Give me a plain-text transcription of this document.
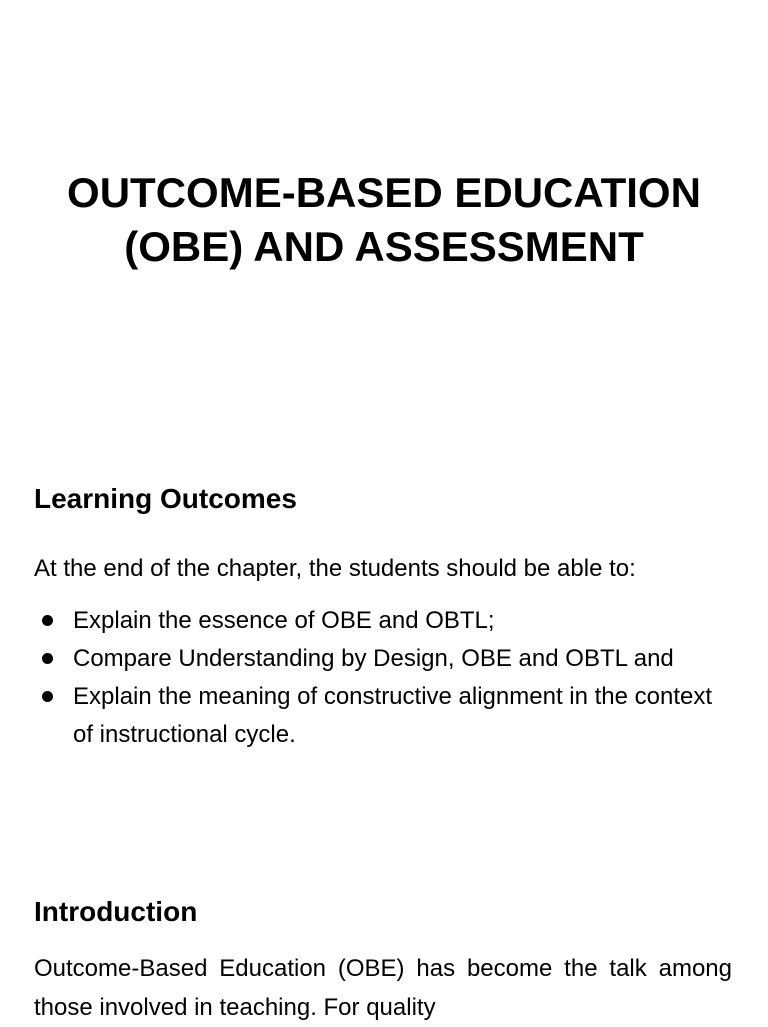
OUTCOME-BASED EDUCATION (OBE) AND ASSESSMENT
Learning Outcomes

At the end of the chapter, the students should be able to:

Explain the essence of OBE and OBTL;
Compare Understanding by Design, OBE and OBTL and
Explain the meaning of constructive alignment in the context of instructional cycle.
Introduction

Outcome-Based Education (OBE) has become the talk among those involved in teaching. For quality
